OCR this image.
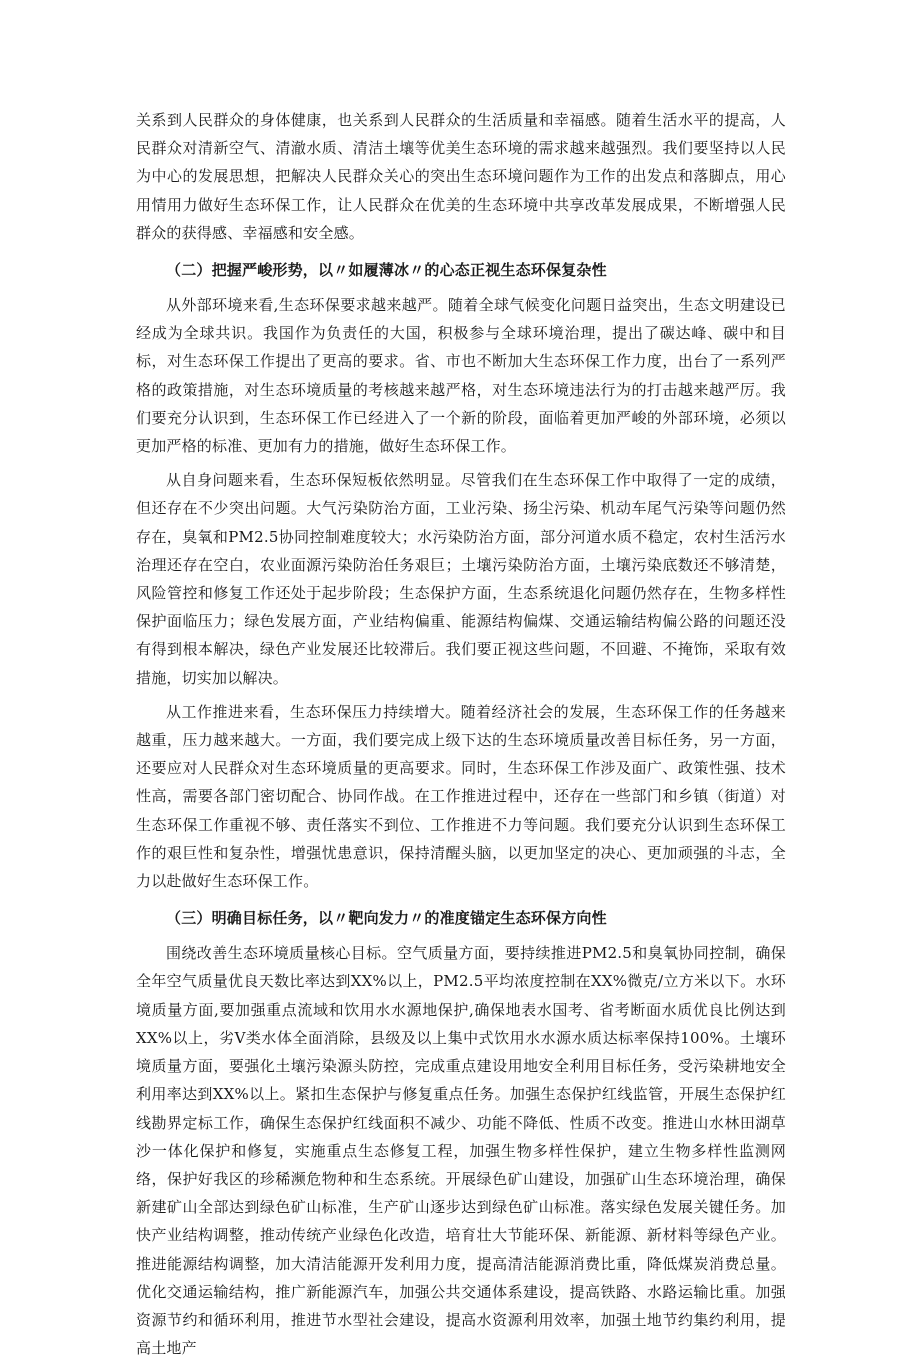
关系到人民群众的身体健康，也关系到人民群众的生活质量和幸福感。随着生活水平的提高，人民群众对清新空气、清澈水质、清洁土壤等优美生态环境的需求越来越强烈。我们要坚持以人民为中心的发展思想，把解决人民群众关心的突出生态环境问题作为工作的出发点和落脚点，用心用情用力做好生态环保工作，让人民群众在优美的生态环境中共享改革发展成果，不断增强人民群众的获得感、幸福感和安全感。

（二）把握严峻形势，以〃如履薄冰〃的心态正视生态环保复杂性

从外部环境来看,生态环保要求越来越严。随着全球气候变化问题日益突出，生态文明建设已经成为全球共识。我国作为负责任的大国，积极参与全球环境治理，提出了碳达峰、碳中和目标，对生态环保工作提出了更高的要求。省、市也不断加大生态环保工作力度，出台了一系列严格的政策措施，对生态环境质量的考核越来越严格，对生态环境违法行为的打击越来越严厉。我们要充分认识到，生态环保工作已经进入了一个新的阶段，面临着更加严峻的外部环境，必须以更加严格的标准、更加有力的措施，做好生态环保工作。

从自身问题来看，生态环保短板依然明显。尽管我们在生态环保工作中取得了一定的成绩，但还存在不少突出问题。大气污染防治方面，工业污染、扬尘污染、机动车尾气污染等问题仍然存在，臭氧和PM2.5协同控制难度较大；水污染防治方面，部分河道水质不稳定，农村生活污水治理还存在空白，农业面源污染防治任务艰巨；土壤污染防治方面，土壤污染底数还不够清楚，风险管控和修复工作还处于起步阶段；生态保护方面，生态系统退化问题仍然存在，生物多样性保护面临压力；绿色发展方面，产业结构偏重、能源结构偏煤、交通运输结构偏公路的问题还没有得到根本解决，绿色产业发展还比较滞后。我们要正视这些问题，不回避、不掩饰，采取有效措施，切实加以解决。

从工作推进来看，生态环保压力持续增大。随着经济社会的发展，生态环保工作的任务越来越重，压力越来越大。一方面，我们要完成上级下达的生态环境质量改善目标任务，另一方面，还要应对人民群众对生态环境质量的更高要求。同时，生态环保工作涉及面广、政策性强、技术性高，需要各部门密切配合、协同作战。在工作推进过程中，还存在一些部门和乡镇（街道）对生态环保工作重视不够、责任落实不到位、工作推进不力等问题。我们要充分认识到生态环保工作的艰巨性和复杂性，增强忧患意识，保持清醒头脑，以更加坚定的决心、更加顽强的斗志，全力以赴做好生态环保工作。

（三）明确目标任务，以〃靶向发力〃的准度锚定生态环保方向性

围绕改善生态环境质量核心目标。空气质量方面，要持续推进PM2.5和臭氧协同控制，确保全年空气质量优良天数比率达到XX%以上，PM2.5平均浓度控制在XX%微克/立方米以下。水环境质量方面,要加强重点流域和饮用水水源地保护,确保地表水国考、省考断面水质优良比例达到XX%以上，劣V类水体全面消除，县级及以上集中式饮用水水源水质达标率保持100%。土壤环境质量方面，要强化土壤污染源头防控，完成重点建设用地安全利用目标任务，受污染耕地安全利用率达到XX%以上。紧扣生态保护与修复重点任务。加强生态保护红线监管，开展生态保护红线勘界定标工作，确保生态保护红线面积不减少、功能不降低、性质不改变。推进山水林田湖草沙一体化保护和修复，实施重点生态修复工程，加强生物多样性保护，建立生物多样性监测网络，保护好我区的珍稀濒危物种和生态系统。开展绿色矿山建设，加强矿山生态环境治理，确保新建矿山全部达到绿色矿山标准，生产矿山逐步达到绿色矿山标准。落实绿色发展关键任务。加快产业结构调整，推动传统产业绿色化改造，培育壮大节能环保、新能源、新材料等绿色产业。推进能源结构调整，加大清洁能源开发利用力度，提高清洁能源消费比重，降低煤炭消费总量。优化交通运输结构，推广新能源汽车，加强公共交通体系建设，提高铁路、水路运输比重。加强资源节约和循环利用，推进节水型社会建设，提高水资源利用效率，加强土地节约集约利用，提高土地产
